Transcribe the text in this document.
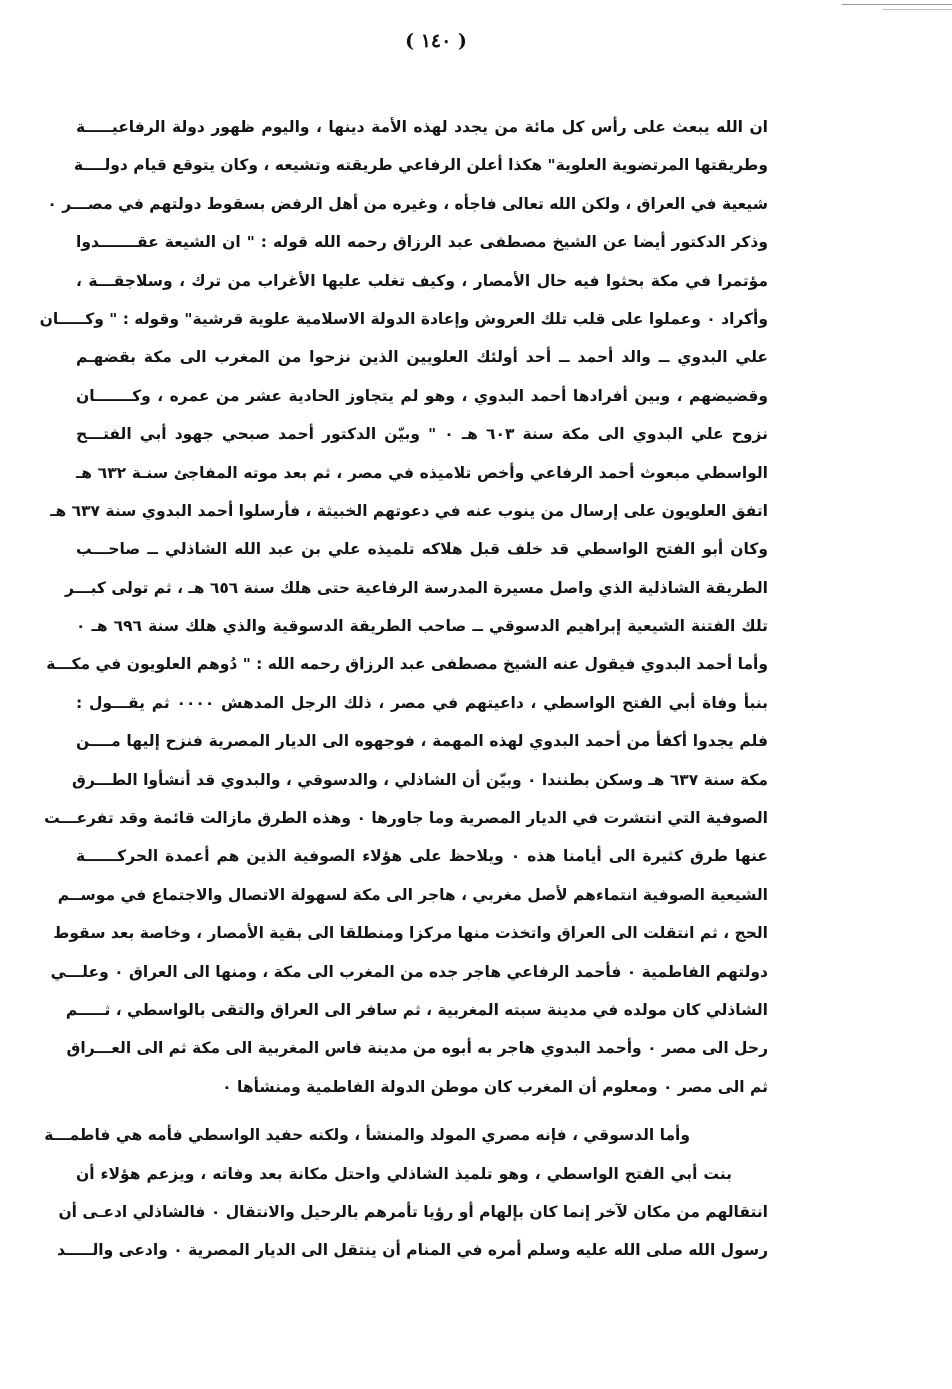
( ١٤٠ )
ان الله يبعث على رأس كل مائة من يجدد لهذه الأمة دينها ، واليوم ظهور دولة الرفاعيـــــة
وطريقتها المرتضوية العلوية" هكذا أعلن الرفاعي طريقته وتشيعه ، وكان يتوقع قيام دولــــة
شيعية في العراق ، ولكن الله تعالى فاجأه ، وغيره من أهل الرفض بسقوط دولتهم في مصـــر ٠
وذكر الدكتور أيضا عن الشيخ مصطفى عبد الرزاق رحمه الله قوله : " ان الشيعة عقـــــــدوا
مؤتمرا في مكة بحثوا فيه حال الأمصار ، وكيف تغلب عليها الأغراب من ترك ، وسلاجقـــة ،
وأكراد ٠ وعملوا على قلب تلك العروش وإعادة الدولة الاسلامية علوية قرشية" وقوله : " وكـــــان
علي البدوي ــ والد أحمد ــ أحد أولئك العلويين الذين نزحوا من المغرب الى مكة بقضهـم
وقضيضهم ، وبين أفرادها أحمد البدوي ، وهو لم يتجاوز الحادية عشر من عمره ، وكـــــــان
نزوح علي البدوي الى مكة سنة ٦٠٣ هـ ٠ " وبيّن الدكتور أحمد صبحي جهود أبي الفتـــح
الواسطي مبعوث أحمد الرفاعي وأخص تلاميذه في مصر ، ثم بعد موته المفاجئ سنـة ٦٣٢ هـ
اتفق العلويون على إرسال من ينوب عنه في دعوتهم الخبيثة ، فأرسلوا أحمد البدوي سنة ٦٣٧ هـ
وكان أبو الفتح الواسطي قد خلف قبل هلاكه تلميذه علي بن عبد الله الشاذلي ــ صاحـــب
الطريقة الشاذلية الذي واصل مسيرة المدرسة الرفاعية حتى هلك سنة ٦٥٦ هـ ، ثم تولى كبـــر
تلك الفتنة الشيعية إبراهيم الدسوقي ــ صاحب الطريقة الدسوقية والذي هلك سنة ٦٩٦ هـ ٠
وأما أحمد البدوي فيقول عنه الشيخ مصطفى عبد الرزاق رحمه الله : " دُوهم العلويون في مكـــة
بنبأ وفاة أبي الفتح الواسطي ، داعيتهم في مصر ، ذلك الرجل المدهش ٠٠٠٠ ثم يقـــول :
فلم يجدوا أكفأ من أحمد البدوي لهذه المهمة ، فوجهوه الى الديار المصرية فنزح إليها مــــن
مكة سنة ٦٣٧ هـ وسكن بطنندا ٠ وبيّن أن الشاذلي ، والدسوقي ، والبدوي قد أنشأوا الطـــرق
الصوفية التي انتشرت في الديار المصرية وما جاورها ٠ وهذه الطرق مازالت قائمة وقد تفرعـــت
عنها طرق كثيرة الى أيامنا هذه ٠ ويلاحظ على هؤلاء الصوفية الذين هم أعمدة الحركــــــة
الشيعية الصوفية انتماءهم لأصل مغربي ، هاجر الى مكة لسهولة الاتصال والاجتماع في موســم
الحج ، ثم انتقلت الى العراق واتخذت منها مركزا ومنطلقا الى بقية الأمصار ، وخاصة بعد سقوط
دولتهم الفاطمية ٠ فأحمد الرفاعي هاجر جده من المغرب الى مكة ، ومنها الى العراق ٠ وعلـــي
الشاذلي كان مولده في مدينة سبته المغربية ، ثم سافر الى العراق والتقى بالواسطي ، ثـــــم
رحل الى مصر ٠ وأحمد البدوي هاجر به أبوه من مدينة فاس المغربية الى مكة ثم الى العـــراق
ثم الى مصر ٠ ومعلوم أن المغرب كان موطن الدولة الفاطمية ومنشأها ٠
وأما الدسوقي ، فإنه مصري المولد والمنشأ ، ولكنه حفيد الواسطي فأمه هي فاطمـــة
بنت أبي الفتح الواسطي ، وهو تلميذ الشاذلي واحتل مكانة بعد وفاته ، ويزعم هؤلاء أن
انتقالهم من مكان لآخر إنما كان بإلهام أو رؤيا تأمرهم بالرحيل والانتقال ٠ فالشاذلي ادعـى أن
رسول الله صلى الله عليه وسلم أمره في المنام أن ينتقل الى الديار المصرية ٠ وادعى والـــــد
